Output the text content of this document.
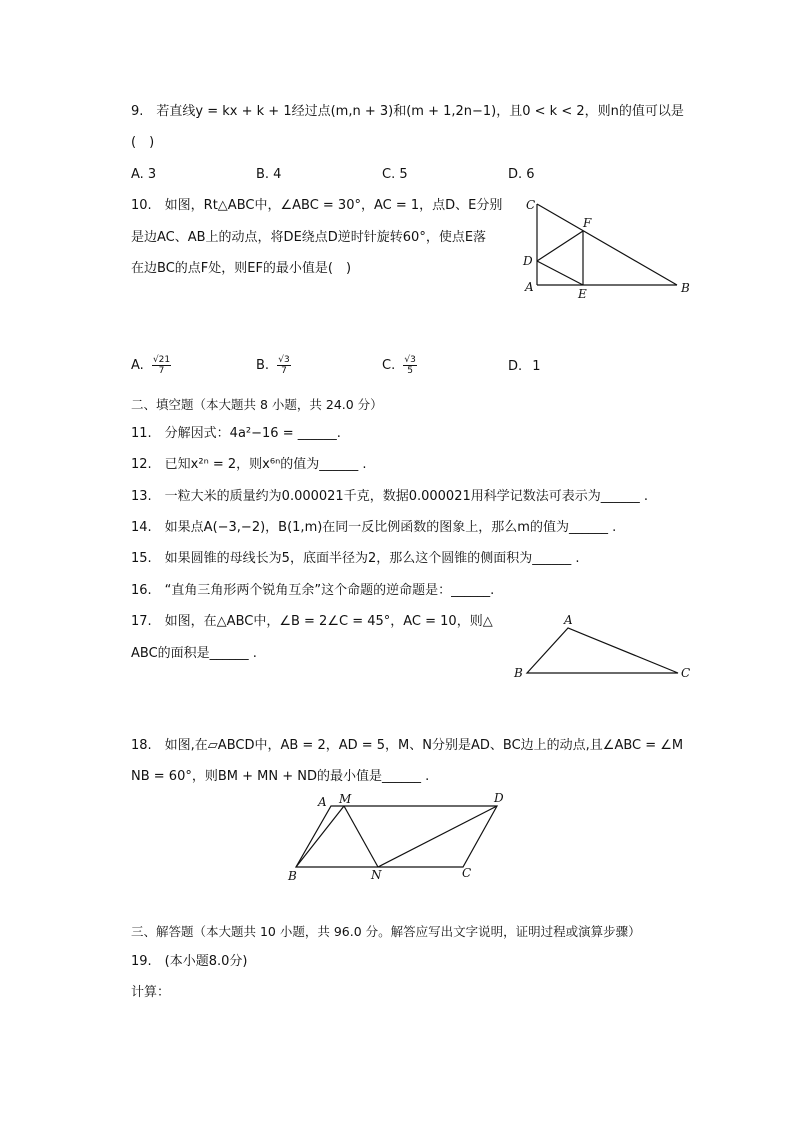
9.　若直线y = kx + k + 1经过点(m,n + 3)和(m + 1,2n−1)，且0 < k < 2，则n的值可以是
(　)
A. 3	B. 4	C. 5	D. 6
10.　如图，Rt△ABC中，∠ABC = 30°，AC = 1，点D、E分别
是边AC、AB上的动点，将DE绕点D逆时针旋转60°，使点E落
在边BC的点F处，则EF的最小值是(　)
C
F
D
A	E	B
A. $\frac{√21}{7}$	B. $\frac{√3}{7}$	C. $\frac{√3}{5}$	D. 1
二、填空题（本大题共 8 小题，共 24.0 分）
11.　分解因式：4a²−16 = ______.
12.　已知x²ⁿ = 2，则x⁶ⁿ的值为______ .
13.　一粒大米的质量约为0.000021千克，数据0.000021用科学记数法可表示为______ .
14.　如果点A(−3,−2)，B(1,m)在同一反比例函数的图象上，那么m的值为______ .
15.　如果圆锥的母线长为5，底面半径为2，那么这个圆锥的侧面积为______ .
16.　“直角三角形两个锐角互余”这个命题的逆命题是：______.
17.　如图，在△ABC中，∠B = 2∠C = 45°，AC = 10，则△
ABC的面积是______ .
A
B	C
18.　如图,在▱ABCD中，AB = 2，AD = 5，M、N分别是AD、BC边上的动点,且∠ABC = ∠M
NB = 60°，则BM + MN + ND的最小值是______ .
A M	D
B	N	C
三、解答题（本大题共 10 小题，共 96.0 分。解答应写出文字说明，证明过程或演算步骤）
19.　(本小题8.0分)
计算：
